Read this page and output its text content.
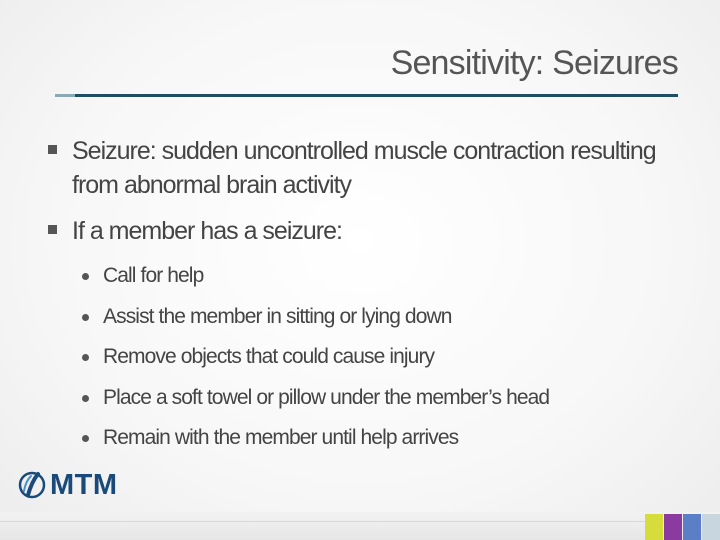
Sensitivity: Seizures
Seizure: sudden uncontrolled muscle contraction resulting from abnormal brain activity
If a member has a seizure:
Call for help
Assist the member in sitting or lying down
Remove objects that could cause injury
Place a soft towel or pillow under the member’s head
Remain with the member until help arrives
MTM
